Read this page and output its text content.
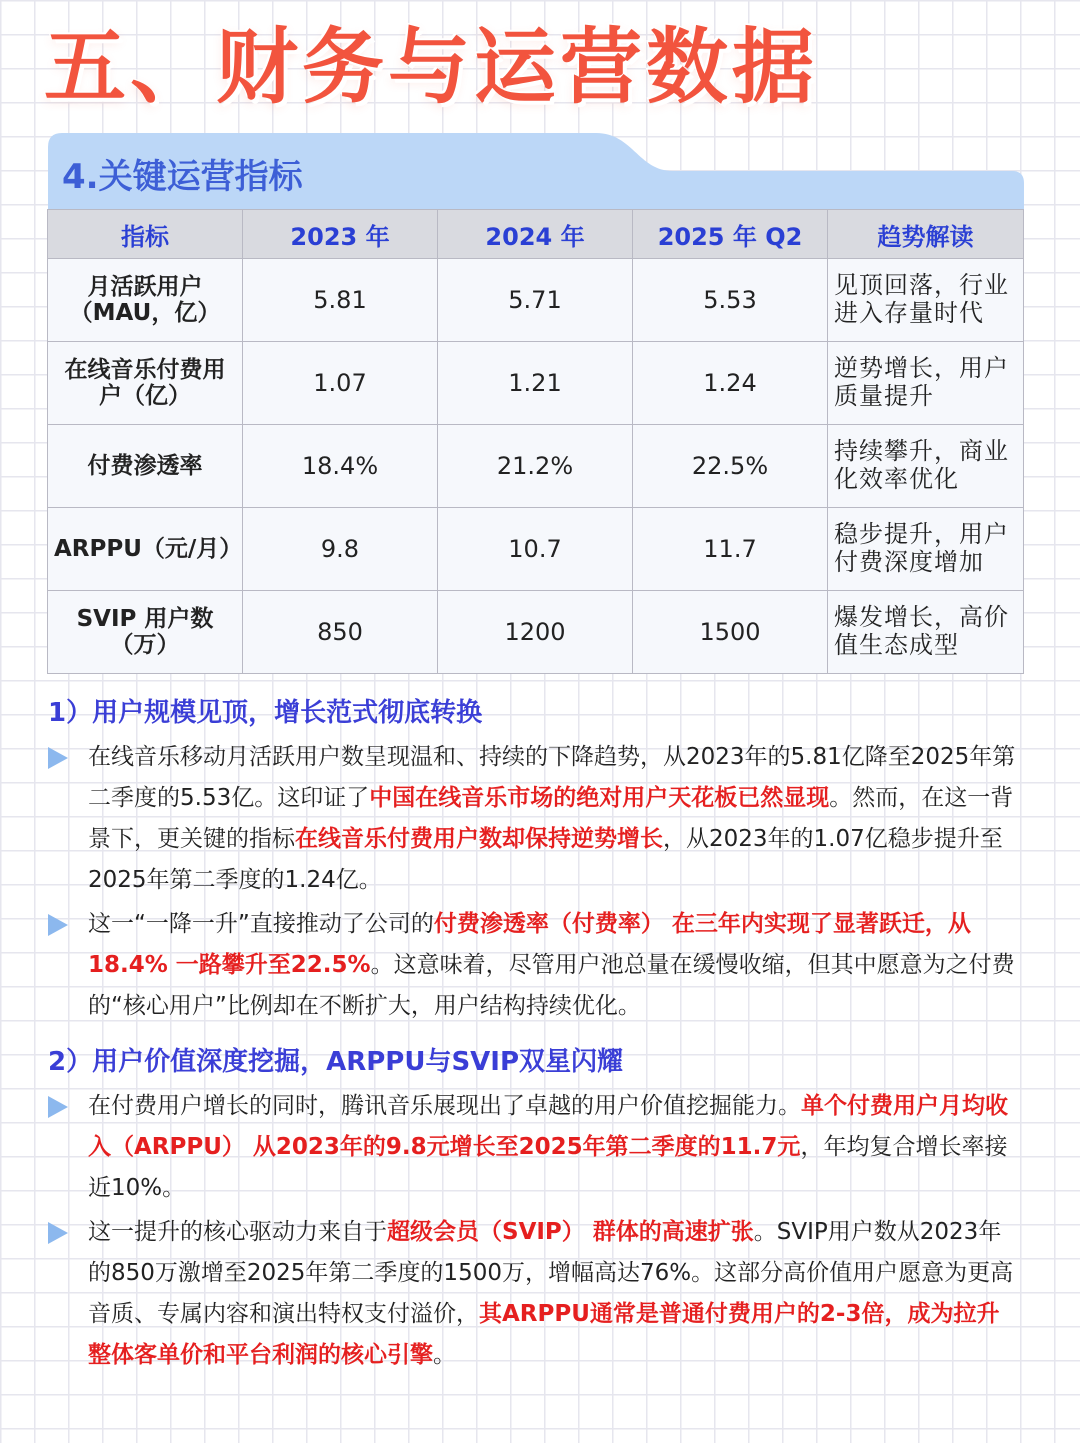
五、财务与运营数据
4.关键运营指标
指标	2023 年	2024 年	2025 年 Q2	趋势解读
月活跃用户（MAU，亿）	5.81	5.71	5.53	见顶回落，行业进入存量时代
在线音乐付费用户（亿）	1.07	1.21	1.24	逆势增长，用户质量提升
付费渗透率	18.4%	21.2%	22.5%	持续攀升，商业化效率优化
ARPPU（元/月）	9.8	10.7	11.7	稳步提升，用户付费深度增加
SVIP 用户数（万）	850	1200	1500	爆发增长，高价值生态成型
1）用户规模见顶，增长范式彻底转换
在线音乐移动月活跃用户数呈现温和、持续的下降趋势，从2023年的5.81亿降至2025年第二季度的5.53亿。这印证了中国在线音乐市场的绝对用户天花板已然显现。然而，在这一背景下，更关键的指标在线音乐付费用户数却保持逆势增长，从2023年的1.07亿稳步提升至2025年第二季度的1.24亿。
这一“一降一升”直接推动了公司的付费渗透率（付费率） 在三年内实现了显著跃迁，从18.4% 一路攀升至22.5%。这意味着，尽管用户池总量在缓慢收缩，但其中愿意为之付费的“核心用户”比例却在不断扩大，用户结构持续优化。
2）用户价值深度挖掘，ARPPU与SVIP双星闪耀
在付费用户增长的同时，腾讯音乐展现出了卓越的用户价值挖掘能力。单个付费用户月均收入（ARPPU） 从2023年的9.8元增长至2025年第二季度的11.7元，年均复合增长率接近10%。
这一提升的核心驱动力来自于超级会员（SVIP） 群体的高速扩张。SVIP用户数从2023年的850万激增至2025年第二季度的1500万，增幅高达76%。这部分高价值用户愿意为更高音质、专属内容和演出特权支付溢价，其ARPPU通常是普通付费用户的2-3倍，成为拉升整体客单价和平台利润的核心引擎。
